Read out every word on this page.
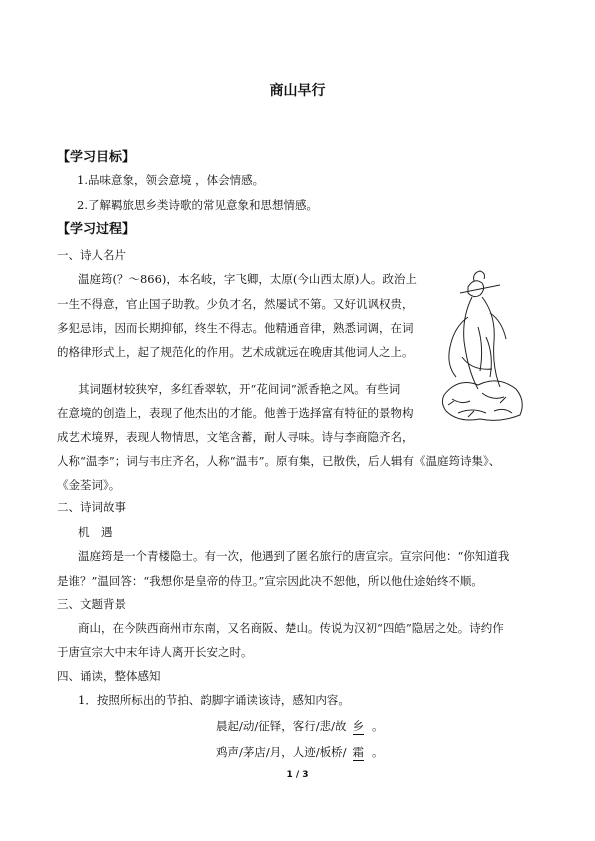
商山早行
【学习目标】
1.品味意象，领会意境 ，体会情感。
2.了解羁旅思乡类诗歌的常见意象和思想情感。
【学习过程】
一、诗人名片
温庭筠(？～866)，本名岐，字飞卿，太原(今山西太原)人。政治上
一生不得意，官止国子助教。少负才名，然屡试不第。又好讥讽权贵，
多犯忌讳，因而长期抑郁，终生不得志。他精通音律，熟悉词调，在词
的格律形式上，起了规范化的作用。艺术成就远在晚唐其他词人之上。
其词题材较狭窄，多红香翠软，开“花间词”派香艳之风。有些词
在意境的创造上，表现了他杰出的才能。他善于选择富有特征的景物构
成艺术境界，表现人物情思，文笔含蓄，耐人寻味。诗与李商隐齐名，
人称“温李”；词与韦庄齐名，人称“温韦”。原有集，已散佚，后人辑有《温庭筠诗集》、
《金荃词》。
二、诗词故事
机　遇
温庭筠是一个青楼隐士。有一次，他遇到了匿名旅行的唐宣宗。宣宗问他：“你知道我
是谁？”温回答：“我想你是皇帝的侍卫。”宣宗因此决不恕他，所以他仕途始终不顺。
三、文题背景
商山，在今陕西商州市东南，又名商阪、楚山。传说为汉初“四皓”隐居之处。诗约作
于唐宣宗大中末年诗人离开长安之时。
四、诵读，整体感知
1．按照所标出的节拍、韵脚字诵读该诗，感知内容。
晨起/动/征铎，客行/悲/故 乡 。
鸡声/茅店/月，人迹/板桥/ 霜 。
1 / 3
